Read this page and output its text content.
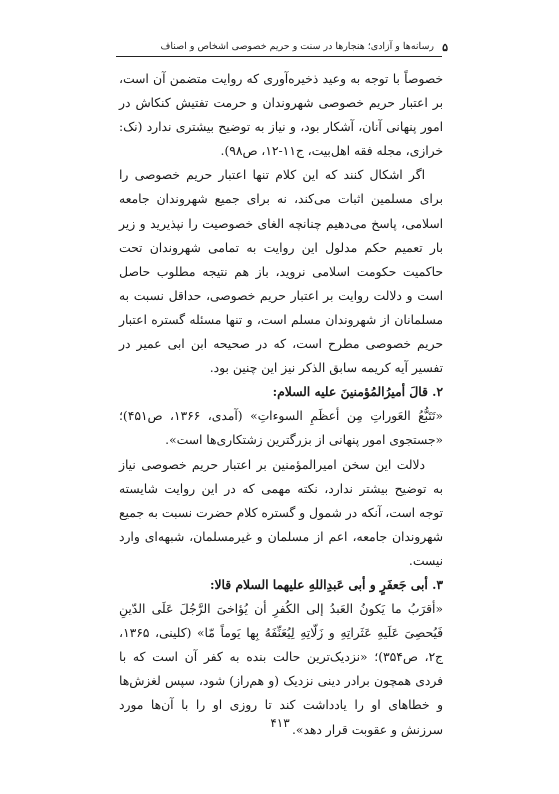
۵
رسانه‌ها و آزادی؛ هنجارها در سنت و حریم خصوصی اشخاص و اصناف

خصوصاً با توجه به وعید ذخیره‌آوری که روایت متضمن آن است، بر اعتبار حریم خصوصی شهروندان و حرمت تفتیش کنکاش در امور پنهانی آنان، آشکار بود، و نیاز به توضیح بیشتری ندارد (نک: خرازی، مجله فقه اهل‌بیت، ج۱۱-۱۲، ص۹۸).

اگر اشکال کنند که این کلام تنها اعتبار حریم خصوصی را برای مسلمین اثبات می‌کند، نه برای جمیع شهروندان جامعه اسلامی، پاسخ می‌دهیم چنانچه الغای خصوصیت را نپذیرید و زیر بار تعمیم حکم مدلول این روایت به تمامی شهروندان تحت حاکمیت حکومت اسلامی نروید، باز هم نتیجه مطلوب حاصل است و دلالت روایت بر اعتبار حریم خصوصی، حداقل نسبت به مسلمانان از شهروندان مسلم است، و تنها مسئله گستره اعتبار حریم خصوصی مطرح است، که در صحیحه ابن ابی عمیر در تفسیر آیه کریمه سابق الذکر نیز این چنین بود.

۲. قالَ أمیرُالمُؤمنینَ عليه السلام:

«تَتَبُّعُ العَوراتِ مِن أعظَمِ السوءاتِ» (آمدی، ۱۳۶۶، ص۴۵۱)؛ «جستجوی امور پنهانی از بزرگترین زشتکاری‌ها است».

دلالت این سخن امیرالمؤمنین بر اعتبار حریم خصوصی نیاز به توضیح بیشتر ندارد، نکته مهمی که در این روایت شایسته توجه است، آنکه در شمول و گستره کلام حضرت نسبت به جمیع شهروندان جامعه، اعم از مسلمان و غیرمسلمان، شبهه‌ای وارد نیست.

۳. أبی جَعفَرٍ و أبی عَبدِاللهِ عليهما السلام قالا:

«أقرَبُ ما یَكونُ العَبدُ إلى الكُفرِ أن یُؤاخیَ الرَّجُلَ عَلَى الدّینِ فَیُحصِیَ عَلَیهِ عَثَراتِهِ و زَلّاتِهِ لِیُعَنِّفَهُ بِها یَوماً مّا» (کلینی، ۱۳۶۵، ج۲، ص۳۵۴)؛ «نزدیک‌ترین حالت بنده به کفر آن است که با فردی همچون برادر دینی نزدیک (و هم‌راز) شود، سپس لغزش‌ها و خطاهای او را یادداشت کند تا روزی او را با آن‌ها مورد سرزنش و عقوبت قرار دهد».

۴۱۳
